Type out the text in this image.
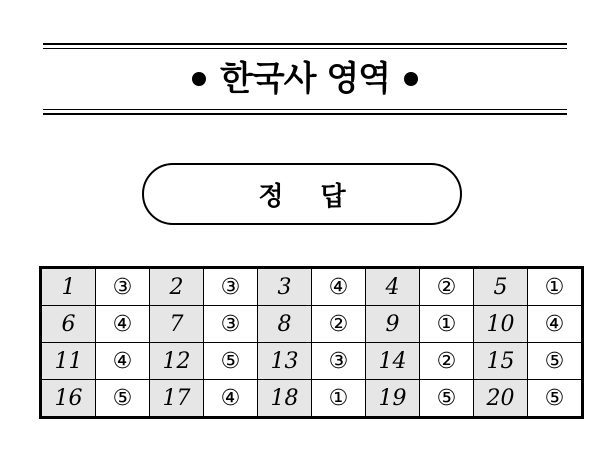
한국사 영역
정 답
1	③	2	③	3	④	4	②	5	①
6	④	7	③	8	②	9	①	10	④
11	④	12	⑤	13	③	14	②	15	⑤
16	⑤	17	④	18	①	19	⑤	20	⑤
